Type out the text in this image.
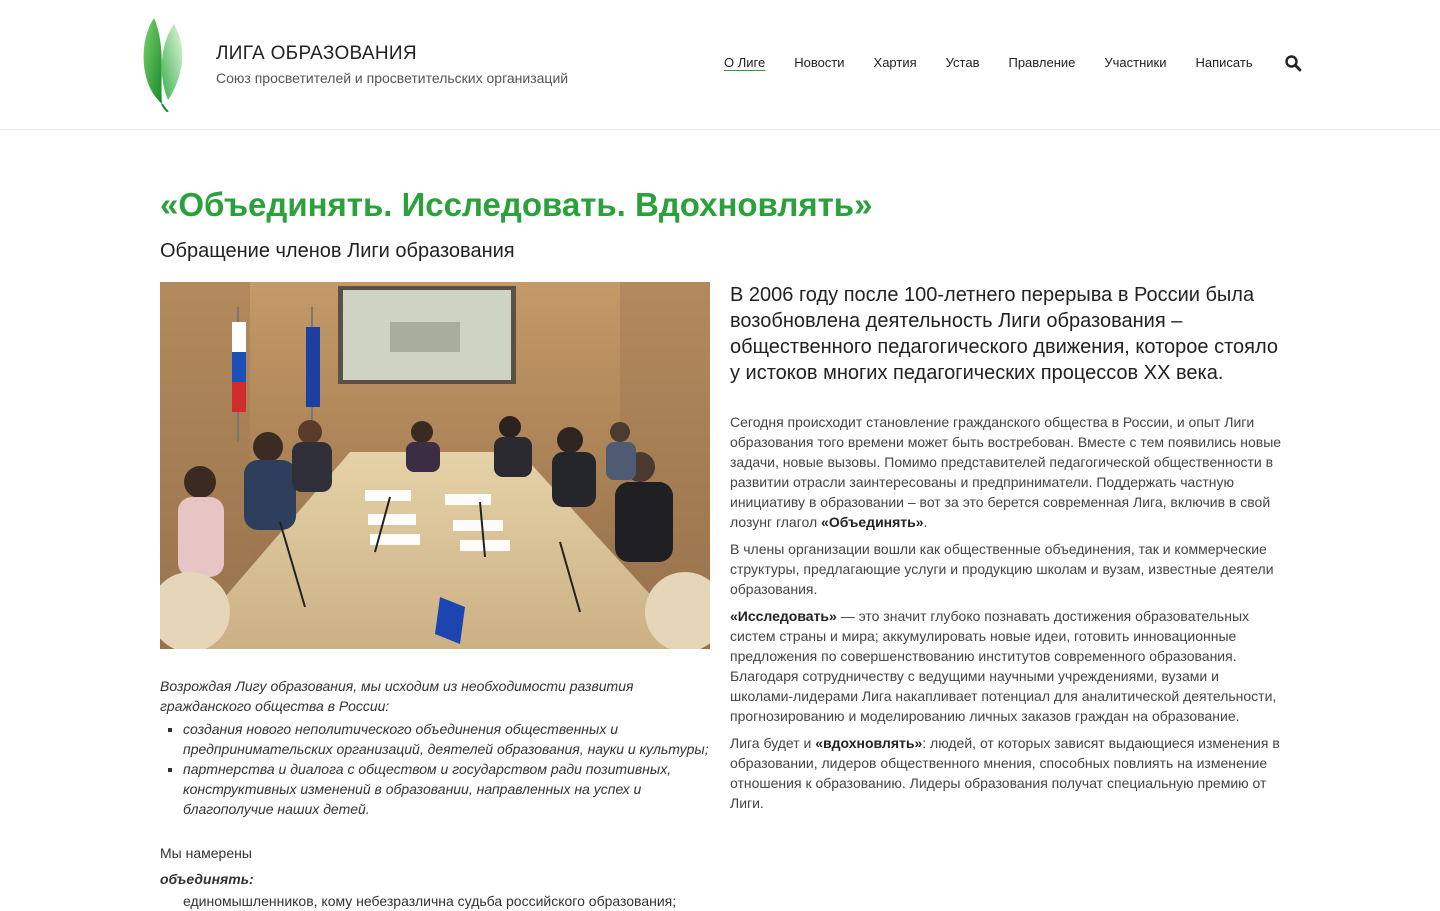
ЛИГА ОБРАЗОВАНИЯ
Союз просветителей и просветительских организаций
О Лиге Новости Хартия Устав Правление Участники Написать
«Объединять. Исследовать. Вдохновлять»
Обращение членов Лиги образования

Возрождая Лигу образования, мы исходим из необходимости развития гражданского общества в России:

▪ создания нового неполитического объединения общественных и предпринимательских организаций, деятелей образования, науки и культуры;
▪ партнерства и диалога с обществом и государством ради позитивных, конструктивных изменений в образовании, направленных на успех и благополучие наших детей.

Мы намерены

объединять:

единомышленников, кому небезразлична судьба российского образования;

В 2006 году после 100-летнего перерыва в России была возобновлена деятельность Лиги образования – общественного педагогического движения, которое стояло у истоков многих педагогических процессов XX века.

Сегодня происходит становление гражданского общества в России, и опыт Лиги образования того времени может быть востребован. Вместе с тем появились новые задачи, новые вызовы. Помимо представителей педагогической общественности в развитии отрасли заинтересованы и предприниматели. Поддержать частную инициативу в образовании – вот за это берется современная Лига, включив в свой лозунг глагол «Объединять».

В члены организации вошли как общественные объединения, так и коммерческие структуры, предлагающие услуги и продукцию школам и вузам, известные деятели образования.

«Исследовать» — это значит глубоко познавать достижения образовательных систем страны и мира; аккумулировать новые идеи, готовить инновационные предложения по совершенствованию институтов современного образования. Благодаря сотрудничеству с ведущими научными учреждениями, вузами и школами-лидерами Лига накапливает потенциал для аналитической деятельности, прогнозированию и моделированию личных заказов граждан на образование.

Лига будет и «вдохновлять»: людей, от которых зависят выдающиеся изменения в образовании, лидеров общественного мнения, способных повлиять на изменение отношения к образованию. Лидеры образования получат специальную премию от Лиги.
